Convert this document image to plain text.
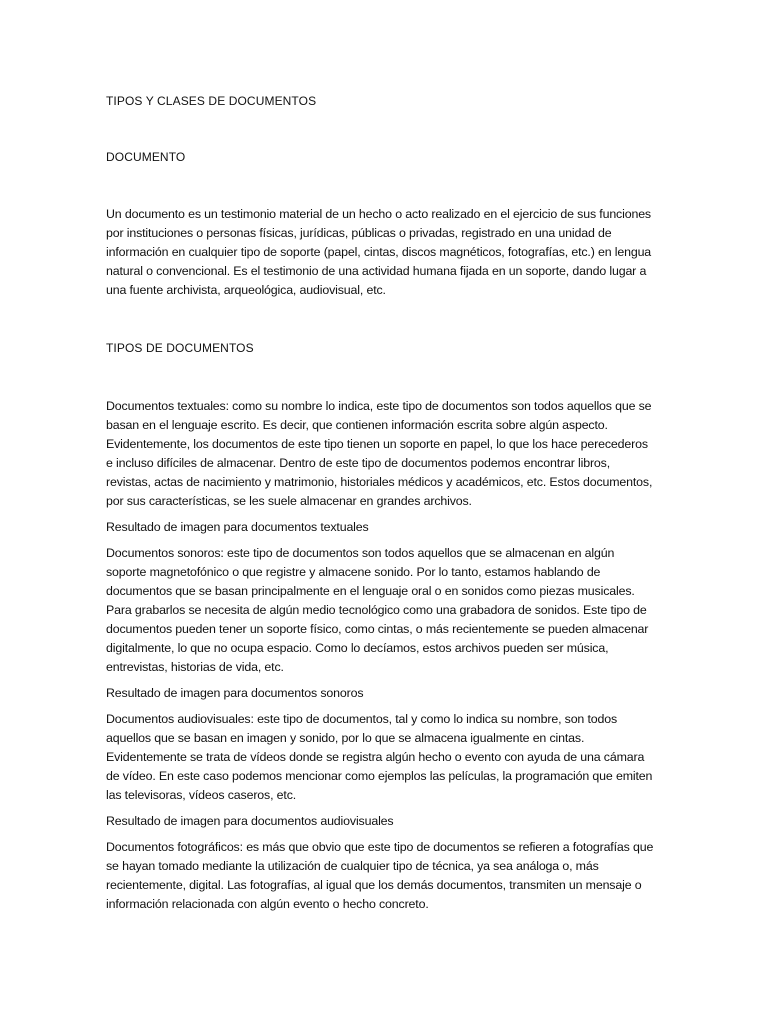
TIPOS Y CLASES DE DOCUMENTOS

DOCUMENTO

Un documento es un testimonio material de un hecho o acto realizado en el ejercicio de sus funciones por instituciones o personas físicas, jurídicas, públicas o privadas, registrado en una unidad de información en cualquier tipo de soporte (papel, cintas, discos magnéticos, fotografías, etc.) en lengua natural o convencional. Es el testimonio de una actividad humana fijada en un soporte, dando lugar a una fuente archivista, arqueológica, audiovisual, etc.

TIPOS DE DOCUMENTOS

Documentos textuales: como su nombre lo indica, este tipo de documentos son todos aquellos que se basan en el lenguaje escrito. Es decir, que contienen información escrita sobre algún aspecto. Evidentemente, los documentos de este tipo tienen un soporte en papel, lo que los hace perecederos e incluso difíciles de almacenar. Dentro de este tipo de documentos podemos encontrar libros, revistas, actas de nacimiento y matrimonio, historiales médicos y académicos, etc. Estos documentos, por sus características, se les suele almacenar en grandes archivos.

Resultado de imagen para documentos textuales

Documentos sonoros: este tipo de documentos son todos aquellos que se almacenan en algún soporte magnetofónico o que registre y almacene sonido. Por lo tanto, estamos hablando de documentos que se basan principalmente en el lenguaje oral o en sonidos como piezas musicales. Para grabarlos se necesita de algún medio tecnológico como una grabadora de sonidos. Este tipo de documentos pueden tener un soporte físico, como cintas, o más recientemente se pueden almacenar digitalmente, lo que no ocupa espacio. Como lo decíamos, estos archivos pueden ser música, entrevistas, historias de vida, etc.

Resultado de imagen para documentos sonoros

Documentos audiovisuales: este tipo de documentos, tal y como lo indica su nombre, son todos aquellos que se basan en imagen y sonido, por lo que se almacena igualmente en cintas. Evidentemente se trata de vídeos donde se registra algún hecho o evento con ayuda de una cámara de vídeo. En este caso podemos mencionar como ejemplos las películas, la programación que emiten las televisoras, vídeos caseros, etc.

Resultado de imagen para documentos audiovisuales

Documentos fotográficos: es más que obvio que este tipo de documentos se refieren a fotografías que se hayan tomado mediante la utilización de cualquier tipo de técnica, ya sea análoga o, más recientemente, digital. Las fotografías, al igual que los demás documentos, transmiten un mensaje o información relacionada con algún evento o hecho concreto.
